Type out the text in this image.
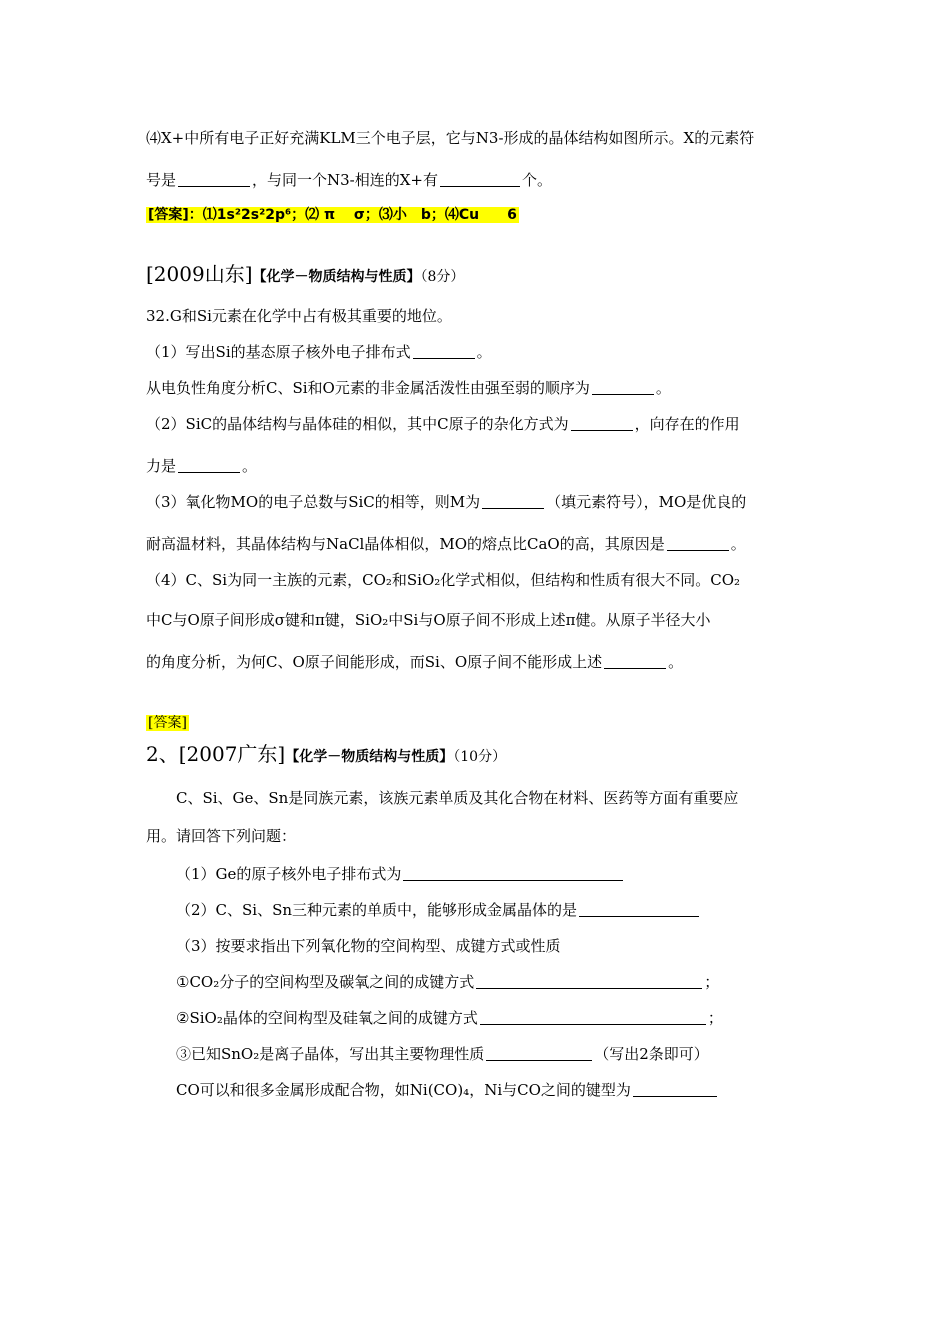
⑷X+中所有电子正好充满KLM三个电子层，它与N3-形成的晶体结构如图所示。X的元素符
号是	，与同一个N3-相连的X+有	个。
[答案]：⑴1s²2s²2p⁶；⑵ π　 σ；⑶小　b；⑷Cu　　6
[2009山东]【化学－物质结构与性质】（8分）
32.G和Si元素在化学中占有极其重要的地位。
（1）写出Si的基态原子核外电子排布式	。
从电负性角度分析C、Si和O元素的非金属活泼性由强至弱的顺序为	。
（2）SiC的晶体结构与晶体硅的相似，其中C原子的杂化方式为	，向存在的作用
力是	。
（3）氧化物MO的电子总数与SiC的相等，则M为	（填元素符号），MO是优良的
耐高温材料，其晶体结构与NaCl晶体相似，MO的熔点比CaO的高，其原因是	。
（4）C、Si为同一主族的元素，CO₂和SiO₂化学式相似，但结构和性质有很大不同。CO₂
中C与O原子间形成σ键和π键，SiO₂中Si与O原子间不形成上述π健。从原子半径大小
的角度分析，为何C、O原子间能形成，而Si、O原子间不能形成上述	。
[答案]
2、[2007广东]【化学－物质结构与性质】（10分）
C、Si、Ge、Sn是同族元素，该族元素单质及其化合物在材料、医药等方面有重要应
用。请回答下列问题：
（1）Ge的原子核外电子排布式为
（2）C、Si、Sn三种元素的单质中，能够形成金属晶体的是
（3）按要求指出下列氧化物的空间构型、成键方式或性质
①CO₂分子的空间构型及碳氧之间的成键方式	；
②SiO₂晶体的空间构型及硅氧之间的成键方式	；
③已知SnO₂是离子晶体，写出其主要物理性质	（写出2条即可）
CO可以和很多金属形成配合物，如Ni(CO)₄，Ni与CO之间的键型为
